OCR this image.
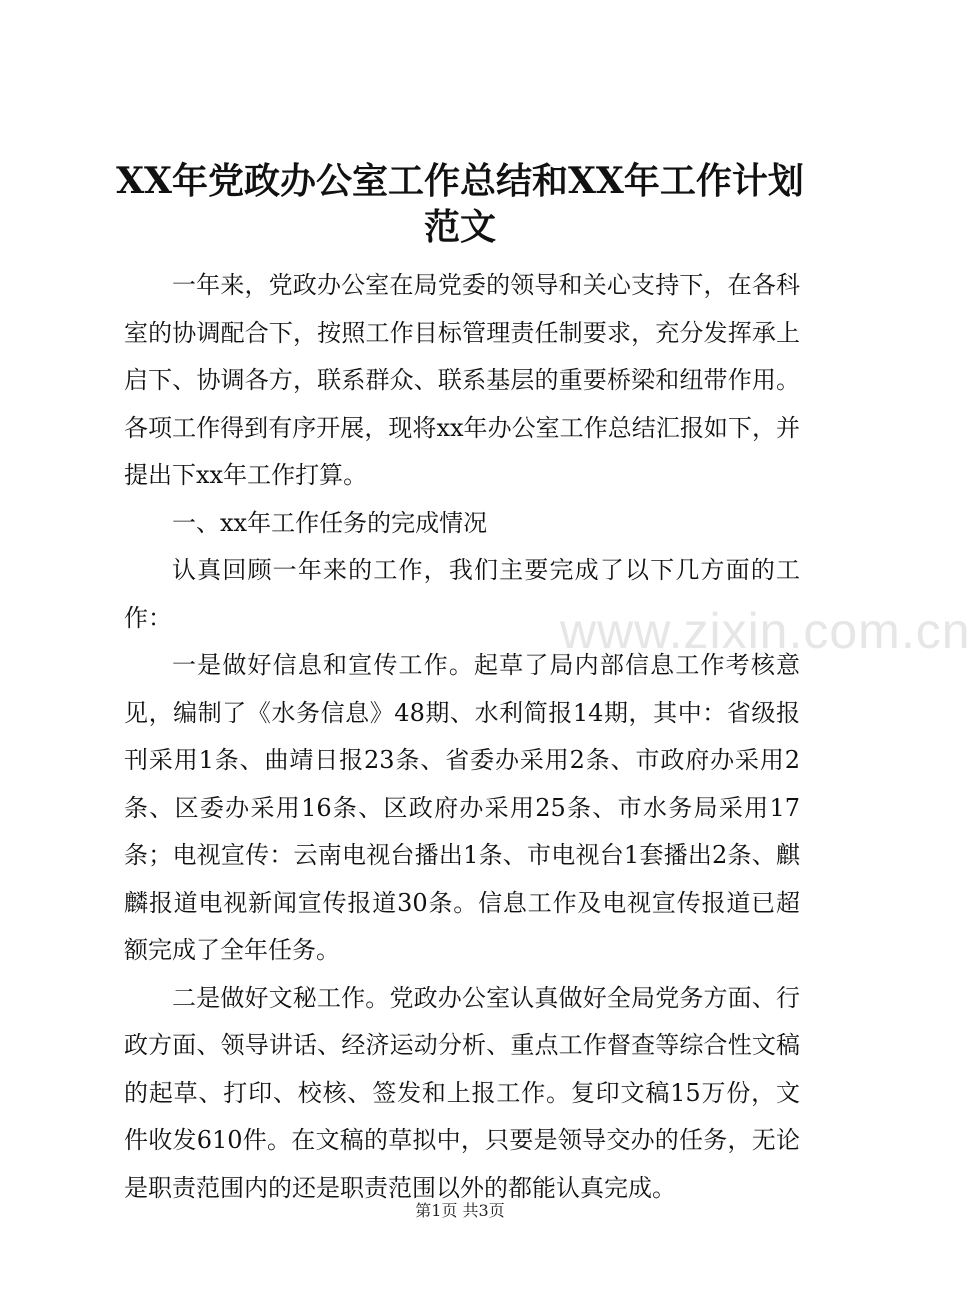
www.zixin.com.cn
XX年党政办公室工作总结和XX年工作计划范文

一年来，党政办公室在局党委的领导和关心支持下，在各科室的协调配合下，按照工作目标管理责任制要求，充分发挥承上启下、协调各方，联系群众、联系基层的重要桥梁和纽带作用。各项工作得到有序开展，现将xx年办公室工作总结汇报如下，并提出下xx年工作打算。

一、xx年工作任务的完成情况

认真回顾一年来的工作，我们主要完成了以下几方面的工作：

一是做好信息和宣传工作。起草了局内部信息工作考核意见，编制了《水务信息》48期、水利简报14期，其中：省级报刊采用1条、曲靖日报23条、省委办采用2条、市政府办采用2条、区委办采用16条、区政府办采用25条、市水务局采用17条；电视宣传：云南电视台播出1条、市电视台1套播出2条、麒麟报道电视新闻宣传报道30条。信息工作及电视宣传报道已超额完成了全年任务。

二是做好文秘工作。党政办公室认真做好全局党务方面、行政方面、领导讲话、经济运动分析、重点工作督查等综合性文稿的起草、打印、校核、签发和上报工作。复印文稿15万份，文件收发610件。在文稿的草拟中，只要是领导交办的任务，无论是职责范围内的还是职责范围以外的都能认真完成。

第1页 共3页
